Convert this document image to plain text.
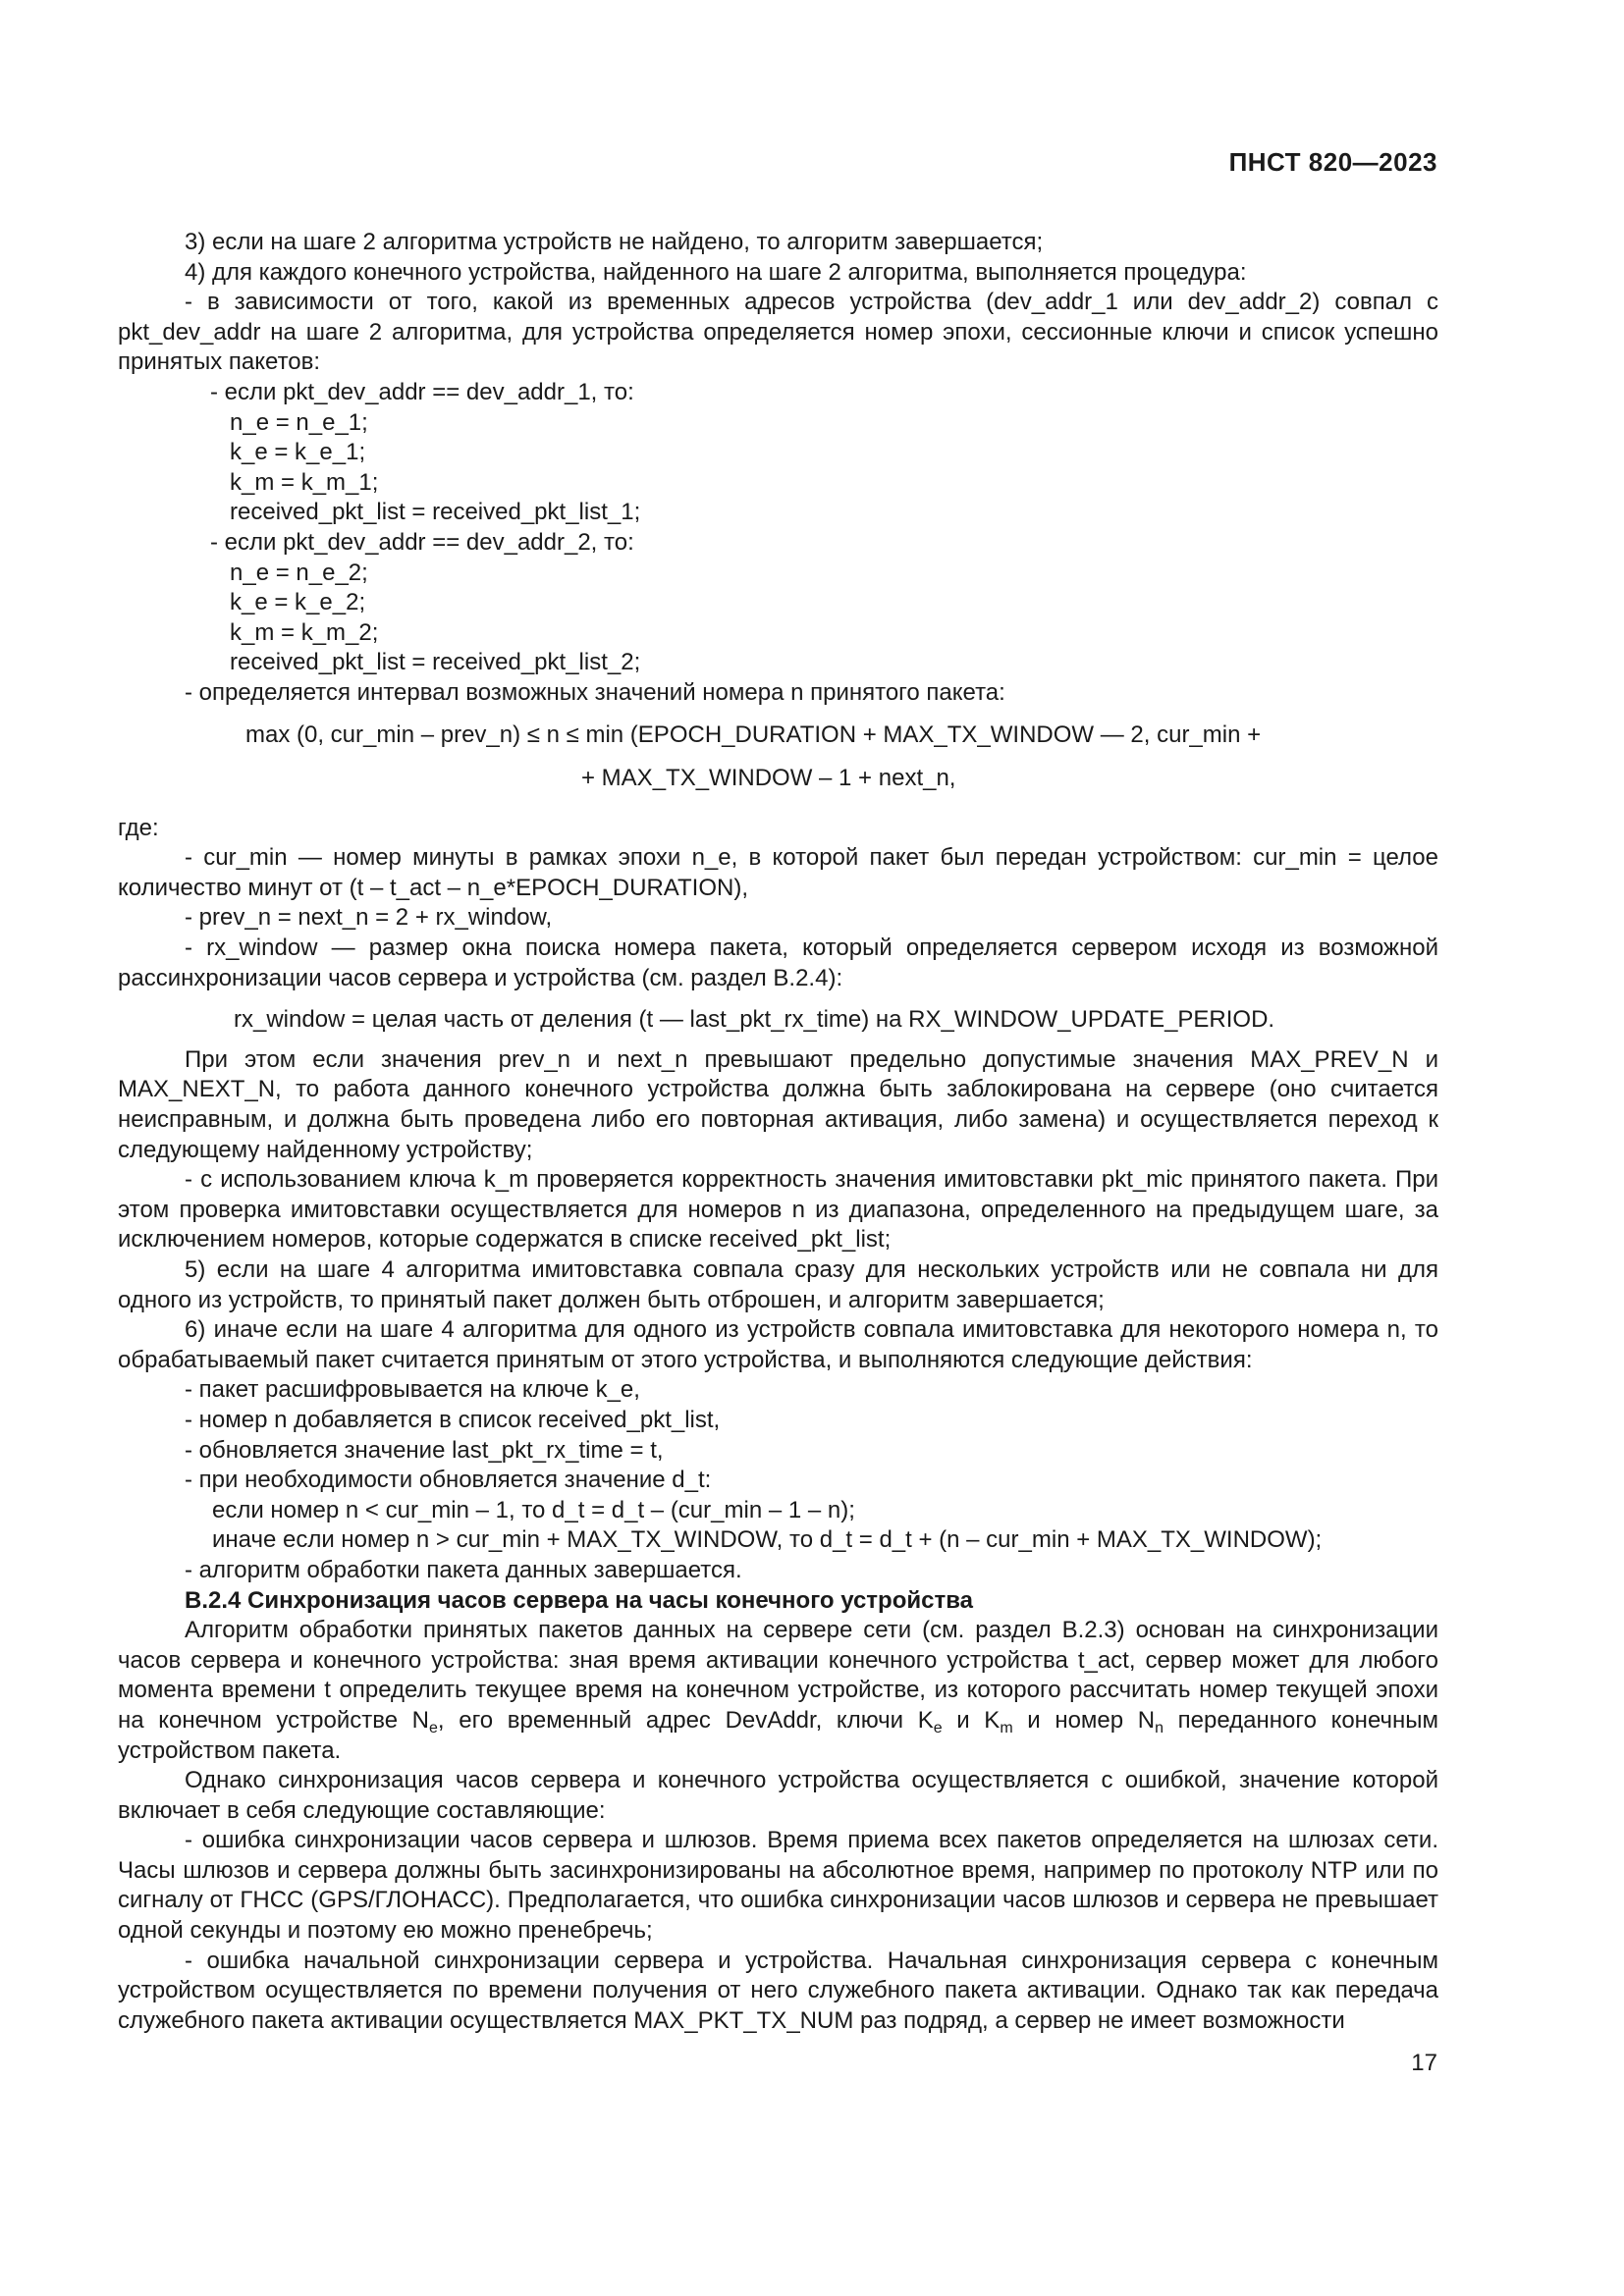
ПНСТ 820—2023
3) если на шаге 2 алгоритма устройств не найдено, то алгоритм завершается;
4) для каждого конечного устройства, найденного на шаге 2 алгоритма, выполняется процедура:
- в зависимости от того, какой из временных адресов устройства (dev_addr_1 или dev_addr_2) совпал с pkt_dev_addr на шаге 2 алгоритма, для устройства определяется номер эпохи, сессионные ключи и список успешно принятых пакетов:
- если pkt_dev_addr == dev_addr_1, то:
n_e = n_e_1;
k_e = k_e_1;
k_m = k_m_1;
received_pkt_list = received_pkt_list_1;
- если pkt_dev_addr == dev_addr_2, то:
n_e = n_e_2;
k_e = k_e_2;
k_m = k_m_2;
received_pkt_list = received_pkt_list_2;
- определяется интервал возможных значений номера n принятого пакета:
max (0, cur_min – prev_n) ≤ n ≤ min (EPOCH_DURATION + MAX_TX_WINDOW — 2, cur_min +
+ MAX_TX_WINDOW – 1 + next_n,
где:
- cur_min — номер минуты в рамках эпохи n_e, в которой пакет был передан устройством: cur_min = целое количество минут от (t – t_act – n_e*EPOCH_DURATION),
- prev_n = next_n = 2 + rx_window,
- rx_window — размер окна поиска номера пакета, который определяется сервером исходя из возможной рассинхронизации часов сервера и устройства (см. раздел В.2.4):
rx_window = целая часть от деления (t — last_pkt_rx_time) на RX_WINDOW_UPDATE_PERIOD.
При этом если значения prev_n и next_n превышают предельно допустимые значения MAX_PREV_N и MAX_NEXT_N, то работа данного конечного устройства должна быть заблокирована на сервере (оно считается неисправным, и должна быть проведена либо его повторная активация, либо замена) и осуществляется переход к следующему найденному устройству;
- с использованием ключа k_m проверяется корректность значения имитовставки pkt_mic принятого пакета. При этом проверка имитовставки осуществляется для номеров n из диапазона, определенного на предыдущем шаге, за исключением номеров, которые содержатся в списке received_pkt_list;
5) если на шаге 4 алгоритма имитовставка совпала сразу для нескольких устройств или не совпала ни для одного из устройств, то принятый пакет должен быть отброшен, и алгоритм завершается;
6) иначе если на шаге 4 алгоритма для одного из устройств совпала имитовставка для некоторого номера n, то обрабатываемый пакет считается принятым от этого устройства, и выполняются следующие действия:
- пакет расшифровывается на ключе k_e,
- номер n добавляется в список received_pkt_list,
- обновляется значение last_pkt_rx_time = t,
- при необходимости обновляется значение d_t:
если номер n < cur_min – 1, то d_t = d_t – (cur_min – 1 – n);
иначе если номер n > cur_min + MAX_TX_WINDOW, то d_t = d_t + (n – cur_min + MAX_TX_WINDOW);
- алгоритм обработки пакета данных завершается.
В.2.4 Синхронизация часов сервера на часы конечного устройства
Алгоритм обработки принятых пакетов данных на сервере сети (см. раздел В.2.3) основан на синхронизации часов сервера и конечного устройства: зная время активации конечного устройства t_act, сервер может для любого момента времени t определить текущее время на конечном устройстве, из которого рассчитать номер текущей эпохи на конечном устройстве $N_e$, его временный адрес DevAddr, ключи $K_e$ и $K_m$ и номер $N_n$ переданного конечным устройством пакета.
Однако синхронизация часов сервера и конечного устройства осуществляется с ошибкой, значение которой включает в себя следующие составляющие:
- ошибка синхронизации часов сервера и шлюзов. Время приема всех пакетов определяется на шлюзах сети. Часы шлюзов и сервера должны быть засинхронизированы на абсолютное время, например по протоколу NTP или по сигналу от ГНСС (GPS/ГЛОНАСС). Предполагается, что ошибка синхронизации часов шлюзов и сервера не превышает одной секунды и поэтому ею можно пренебречь;
- ошибка начальной синхронизации сервера и устройства. Начальная синхронизация сервера с конечным устройством осуществляется по времени получения от него служебного пакета активации. Однако так как передача служебного пакета активации осуществляется MAX_PKT_TX_NUM раз подряд, а сервер не имеет возможности
17
